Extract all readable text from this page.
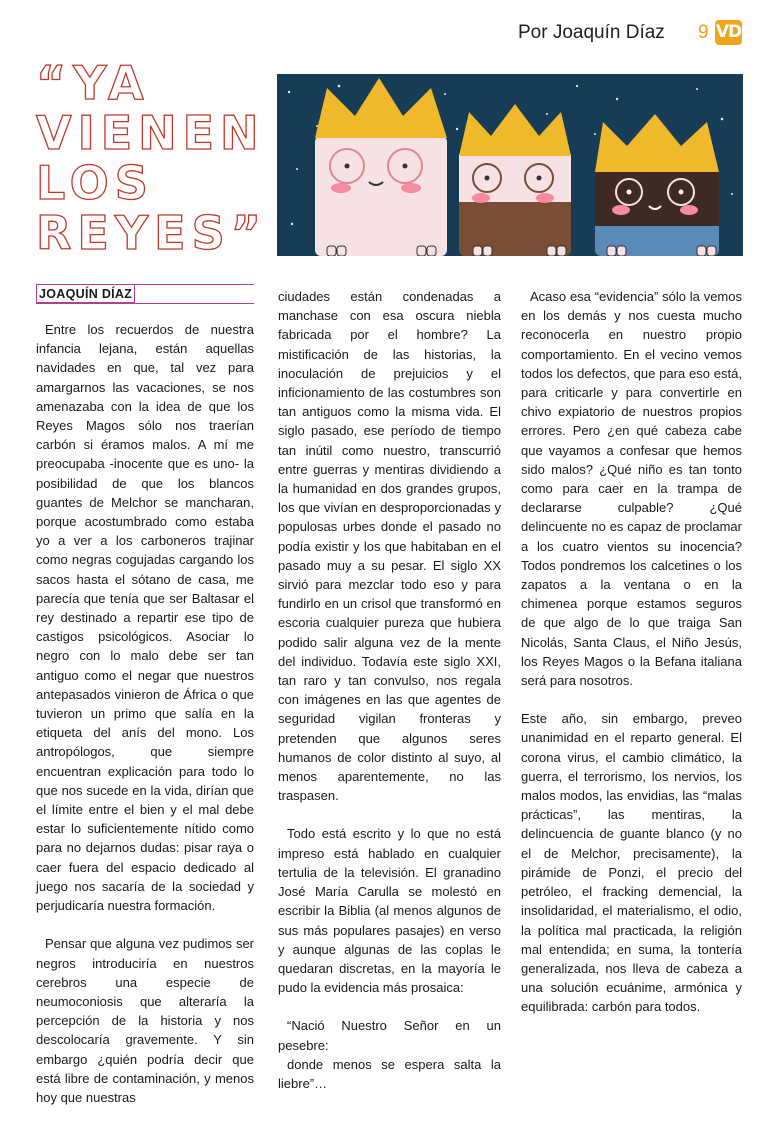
Por Joaquín Díaz 9 VD
“YA VIENEN LOS REYES”
JOAQUÍN DÍAZ

Entre los recuerdos de nuestra infancia lejana, están aquellas navidades en que, tal vez para amargarnos las vacaciones, se nos amenazaba con la idea de que los Reyes Magos sólo nos traerían carbón si éramos malos. A mí me preocupaba -inocente que es uno- la posibilidad de que los blancos guantes de Melchor se mancharan, porque acostumbrado como estaba yo a ver a los carboneros trajinar como negras cogujadas cargando los sacos hasta el sótano de casa, me parecía que tenía que ser Baltasar el rey destinado a repartir ese tipo de castigos psicológicos. Asociar lo negro con lo malo debe ser tan antiguo como el negar que nuestros antepasados vinieron de África o que tuvieron un primo que salía en la etiqueta del anís del mono. Los antropólogos, que siempre encuentran explicación para todo lo que nos sucede en la vida, dirían que el límite entre el bien y el mal debe estar lo suficientemente nítido como para no dejarnos dudas: pisar raya o caer fuera del espacio dedicado al juego nos sacaría de la sociedad y perjudicaría nuestra formación.

Pensar que alguna vez pudimos ser negros introduciría en nuestros cerebros una especie de neumoconiosis que alteraría la percepción de la historia y nos descolocaría gravemente. Y sin embargo ¿quién podría decir que está libre de contaminación, y menos hoy que nuestras

ciudades están condenadas a manchase con esa oscura niebla fabricada por el hombre? La mistificación de las historias, la inoculación de prejuicios y el inficionamiento de las costumbres son tan antiguos como la misma vida. El siglo pasado, ese período de tiempo tan inútil como nuestro, transcurrió entre guerras y mentiras dividiendo a la humanidad en dos grandes grupos, los que vivían en desproporcionadas y populosas urbes donde el pasado no podía existir y los que habitaban en el pasado muy a su pesar. El siglo XX sirvió para mezclar todo eso y para fundirlo en un crisol que transformó en escoria cualquier pureza que hubiera podido salir alguna vez de la mente del individuo. Todavía este siglo XXI, tan raro y tan convulso, nos regala con imágenes en las que agentes de seguridad vigilan fronteras y pretenden que algunos seres humanos de color distinto al suyo, al menos aparentemente, no las traspasen.

Todo está escrito y lo que no está impreso está hablado en cualquier tertulia de la televisión. El granadino José María Carulla se molestó en escribir la Biblia (al menos algunos de sus más populares pasajes) en verso y aunque algunas de las coplas le quedaran discretas, en la mayoría le pudo la evidencia más prosaica:

“Nació Nuestro Señor en un pesebre:

donde menos se espera salta la liebre”…

Acaso esa “evidencia” sólo la vemos en los demás y nos cuesta mucho reconocerla en nuestro propio comportamiento. En el vecino vemos todos los defectos, que para eso está, para criticarle y para convertirle en chivo expiatorio de nuestros propios errores. Pero ¿en qué cabeza cabe que vayamos a confesar que hemos sido malos? ¿Qué niño es tan tonto como para caer en la trampa de declararse culpable? ¿Qué delincuente no es capaz de proclamar a los cuatro vientos su inocencia? Todos pondremos los calcetines o los zapatos a la ventana o en la chimenea porque estamos seguros de que algo de lo que traiga San Nicolás, Santa Claus, el Niño Jesús, los Reyes Magos o la Befana italiana será para nosotros.

Este año, sin embargo, preveo unanimidad en el reparto general. El corona virus, el cambio climático, la guerra, el terrorismo, los nervios, los malos modos, las envidias, las “malas prácticas”, las mentiras, la delincuencia de guante blanco (y no el de Melchor, precisamente), la pirámide de Ponzi, el precio del petróleo, el fracking demencial, la insolidaridad, el materialismo, el odio, la política mal practicada, la religión mal entendida; en suma, la tontería generalizada, nos lleva de cabeza a una solución ecuánime, armónica y equilibrada: carbón para todos.
